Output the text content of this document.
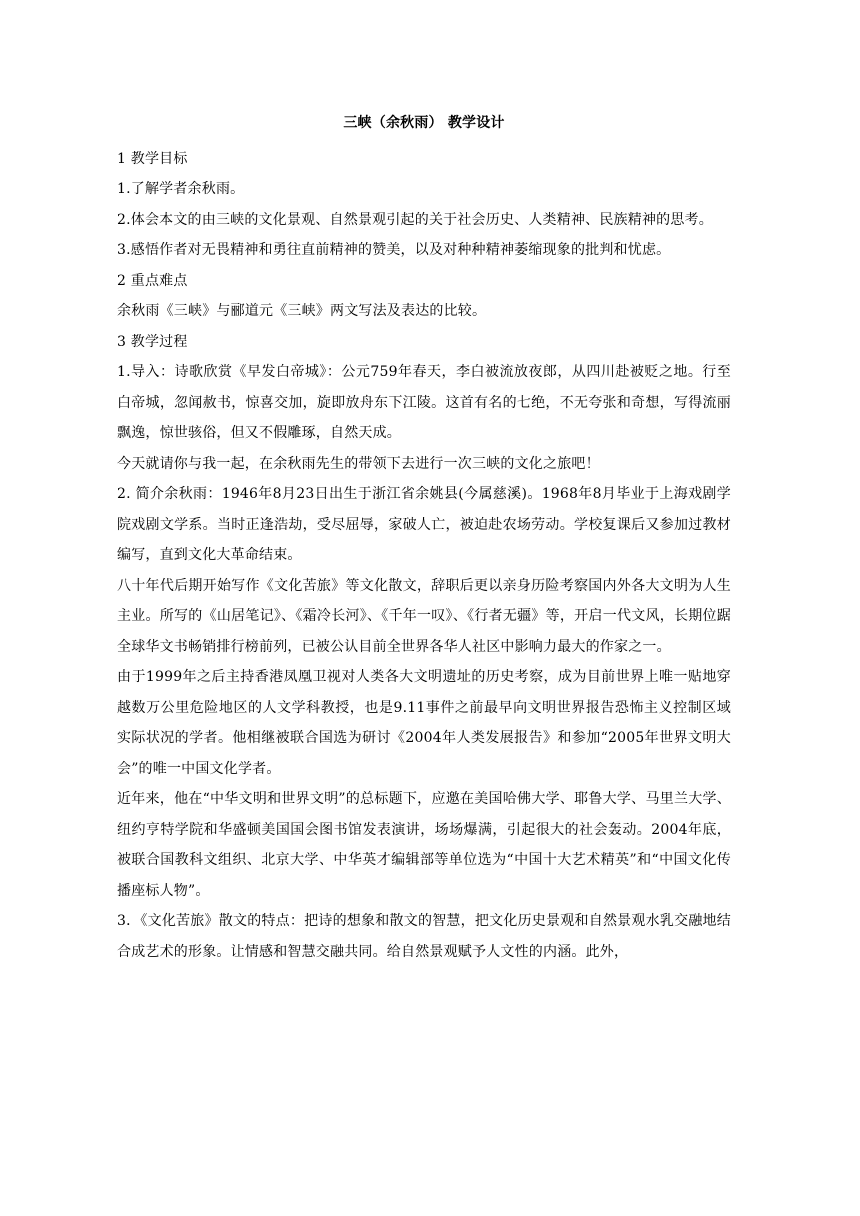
三峡（余秋雨） 教学设计

1 教学目标

1.了解学者余秋雨。

2.体会本文的由三峡的文化景观、自然景观引起的关于社会历史、人类精神、民族精神的思考。

3.感悟作者对无畏精神和勇往直前精神的赞美，以及对种种精神萎缩现象的批判和忧虑。

2 重点难点

余秋雨《三峡》与郦道元《三峡》两文写法及表达的比较。

3 教学过程

1.导入：诗歌欣赏《早发白帝城》：公元759年春天，李白被流放夜郎，从四川赴被贬之地。行至白帝城，忽闻赦书，惊喜交加，旋即放舟东下江陵。这首有名的七绝，不无夸张和奇想，写得流丽飘逸，惊世骇俗，但又不假雕琢，自然天成。

今天就请你与我一起，在余秋雨先生的带领下去进行一次三峡的文化之旅吧！

2. 简介余秋雨：1946年8月23日出生于浙江省余姚县(今属慈溪)。1968年8月毕业于上海戏剧学院戏剧文学系。当时正逢浩劫，受尽屈辱，家破人亡，被迫赴农场劳动。学校复课后又参加过教材编写，直到文化大革命结束。

八十年代后期开始写作《文化苦旅》等文化散文，辞职后更以亲身历险考察国内外各大文明为人生主业。所写的《山居笔记》、《霜冷长河》、《千年一叹》、《行者无疆》等，开启一代文风，长期位踞全球华文书畅销排行榜前列，已被公认目前全世界各华人社区中影响力最大的作家之一。

由于1999年之后主持香港凤凰卫视对人类各大文明遗址的历史考察，成为目前世界上唯一贴地穿越数万公里危险地区的人文学科教授，也是9.11事件之前最早向文明世界报告恐怖主义控制区域实际状况的学者。他相继被联合国选为研讨《2004年人类发展报告》和参加“2005年世界文明大会”的唯一中国文化学者。

近年来，他在“中华文明和世界文明”的总标题下，应邀在美国哈佛大学、耶鲁大学、马里兰大学、纽约亨特学院和华盛顿美国国会图书馆发表演讲，场场爆满，引起很大的社会轰动。2004年底，被联合国教科文组织、北京大学、中华英才编辑部等单位选为“中国十大艺术精英”和“中国文化传播座标人物”。

3．《文化苦旅》散文的特点：把诗的想象和散文的智慧，把文化历史景观和自然景观水乳交融地结合成艺术的形象。让情感和智慧交融共同。给自然景观赋予人文性的内涵。此外，
